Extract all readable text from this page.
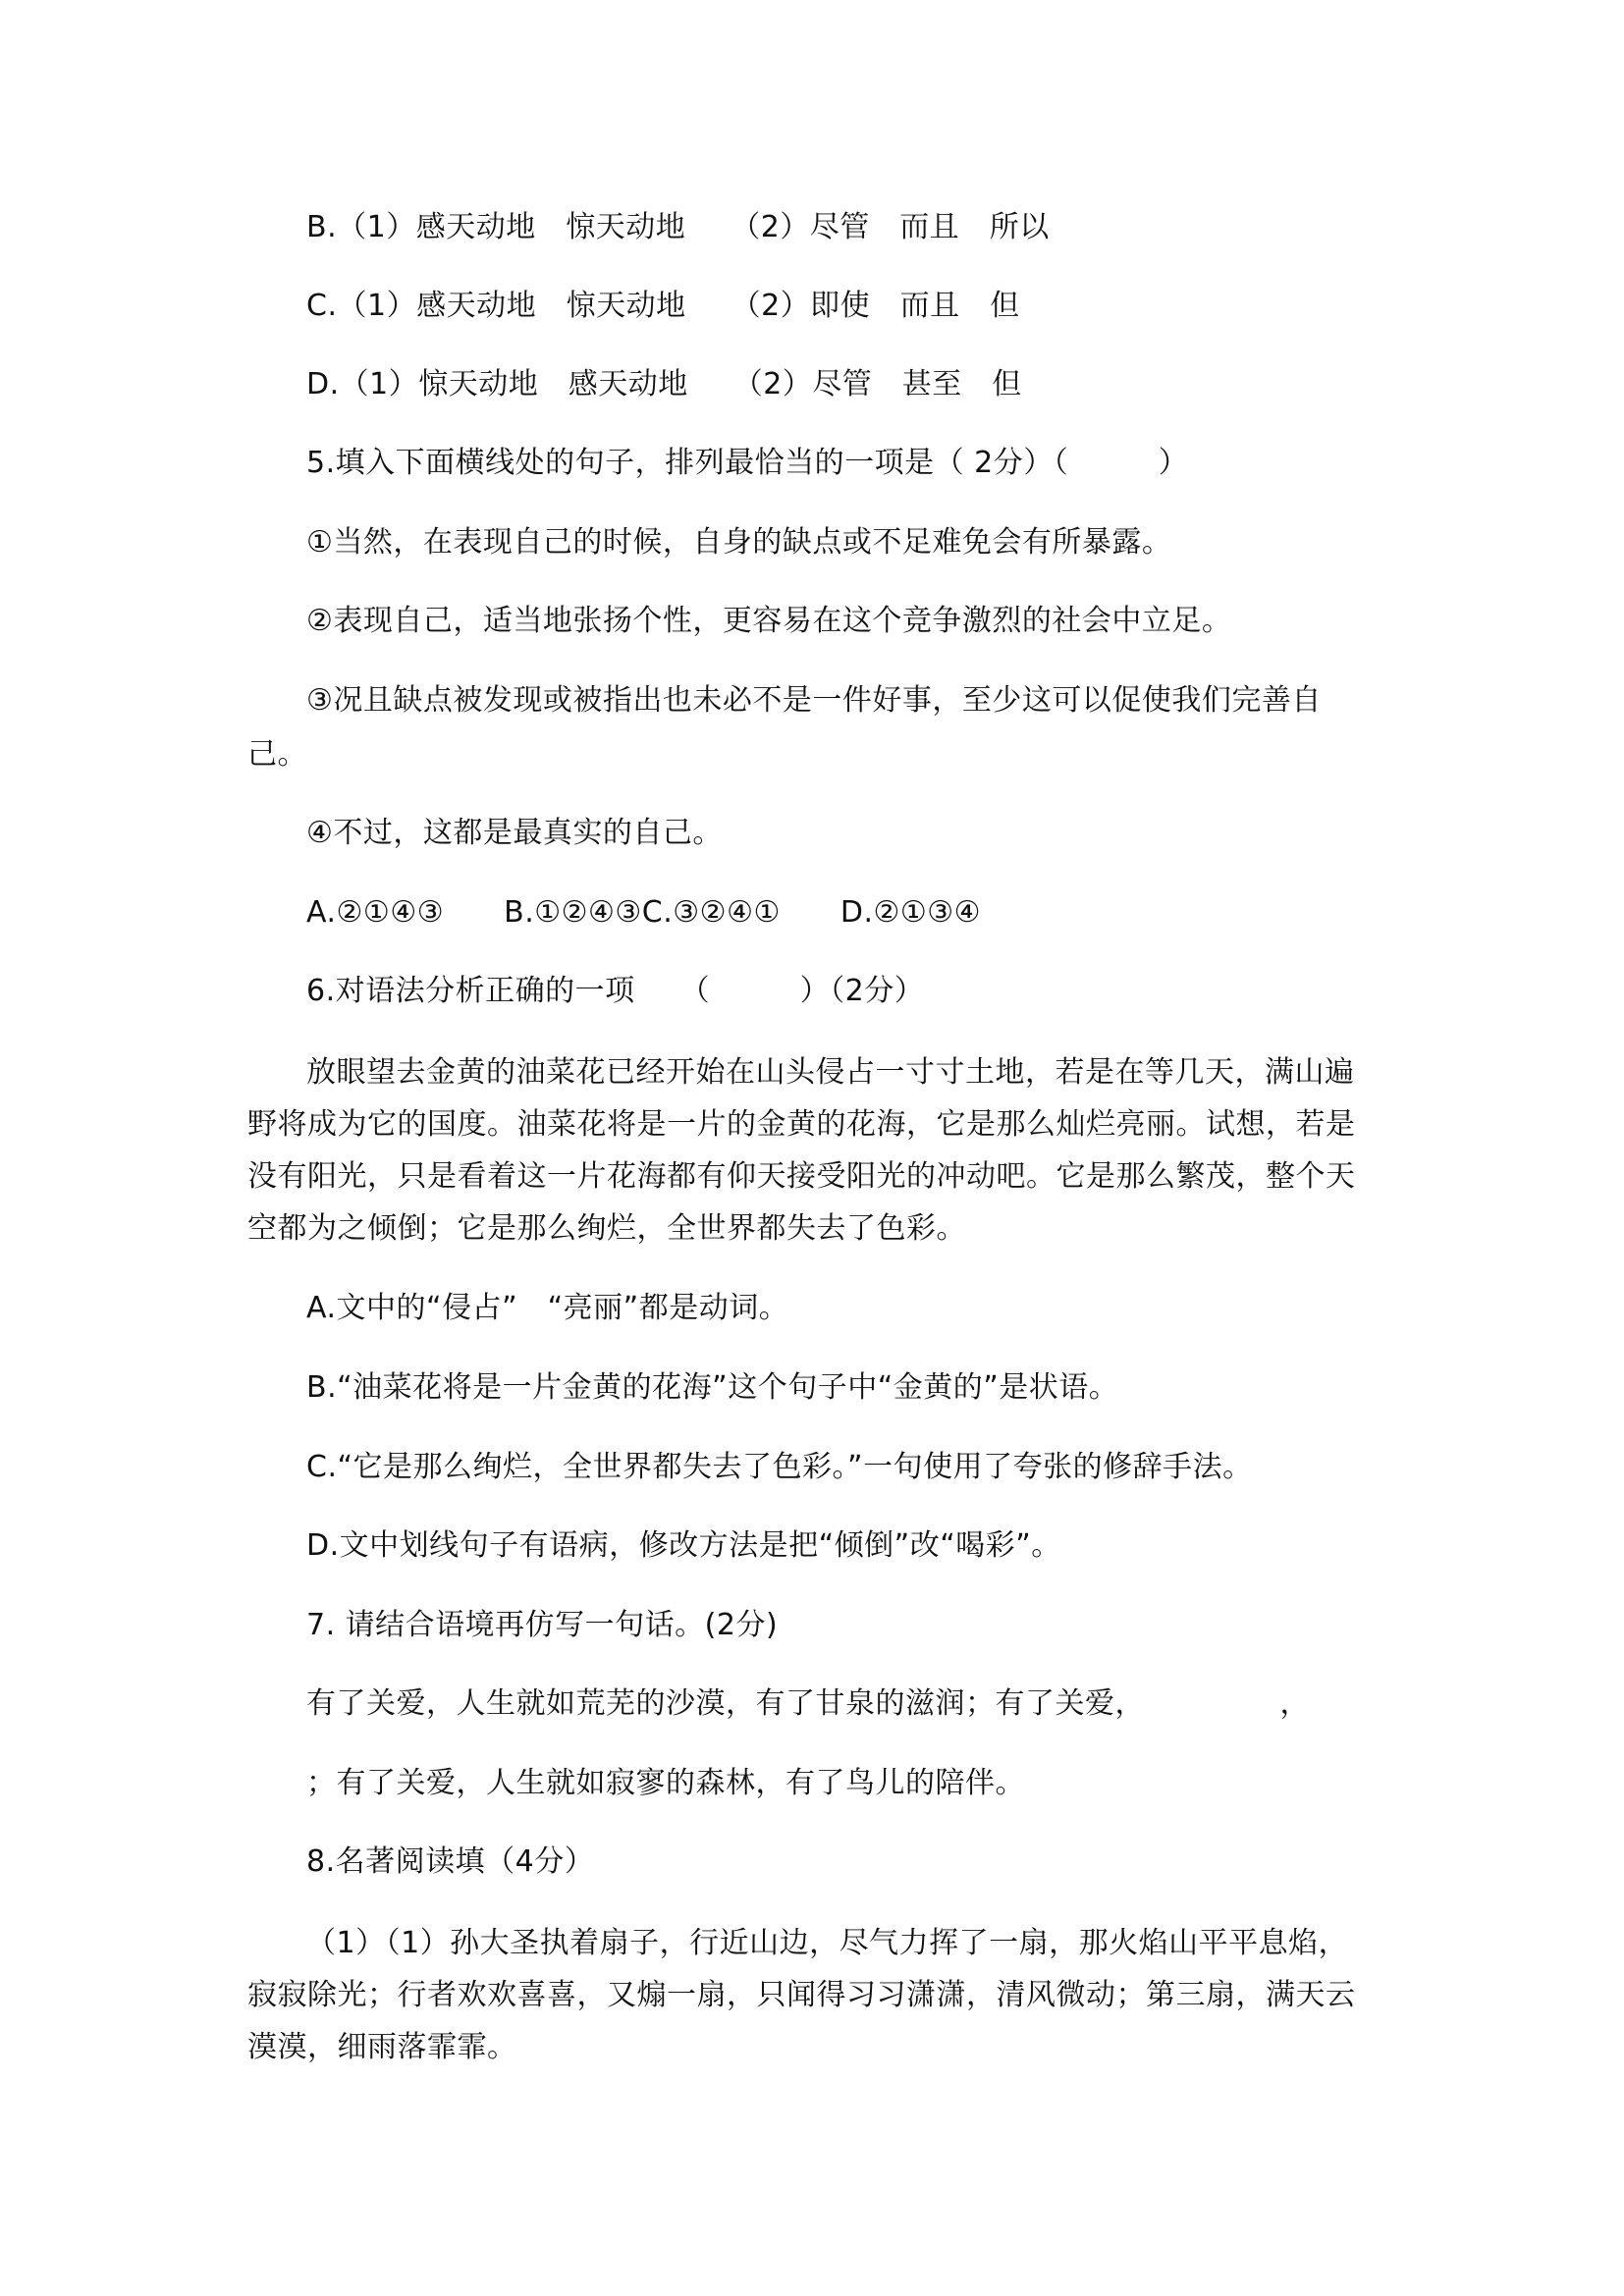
B.（1）感天动地　惊天动地　　（2）尽管　而且　所以
C.（1）感天动地　惊天动地　　（2）即使　而且　但
D.（1）惊天动地　感天动地　　（2）尽管　甚至　但
5.填入下面横线处的句子，排列最恰当的一项是（ 2分）（　　　）
①当然，在表现自己的时候，自身的缺点或不足难免会有所暴露。
②表现自己，适当地张扬个性，更容易在这个竞争激烈的社会中立足。
③况且缺点被发现或被指出也未必不是一件好事，至少这可以促使我们完善自
己。
④不过，这都是最真实的自己。
A.②①④③　　B.①②④③C.③②④①　　D.②①③④
6.对语法分析正确的一项　　（　　　）（2分）
放眼望去金黄的油菜花已经开始在山头侵占一寸寸土地，若是在等几天，满山遍野将成为它的国度。油菜花将是一片的金黄的花海，它是那么灿烂亮丽。试想，若是没有阳光，只是看着这一片花海都有仰天接受阳光的冲动吧。它是那么繁茂，整个天空都为之倾倒；它是那么绚烂，全世界都失去了色彩。
A.文中的“侵占”　“亮丽”都是动词。
B.“油菜花将是一片金黄的花海”这个句子中“金黄的”是状语。
C.“它是那么绚烂，全世界都失去了色彩。”一句使用了夸张的修辞手法。
D.文中划线句子有语病，修改方法是把“倾倒”改“喝彩”。
7. 请结合语境再仿写一句话。(2分)
有了关爱，人生就如荒芜的沙漠，有了甘泉的滋润；有了关爱，　　　　　，
；有了关爱，人生就如寂寥的森林，有了鸟儿的陪伴。
8.名著阅读填（4分）
（1）（1）孙大圣执着扇子，行近山边，尽气力挥了一扇，那火焰山平平息焰，寂寂除光；行者欢欢喜喜，又煽一扇，只闻得习习潇潇，清风微动；第三扇，满天云漠漠，细雨落霏霏。
